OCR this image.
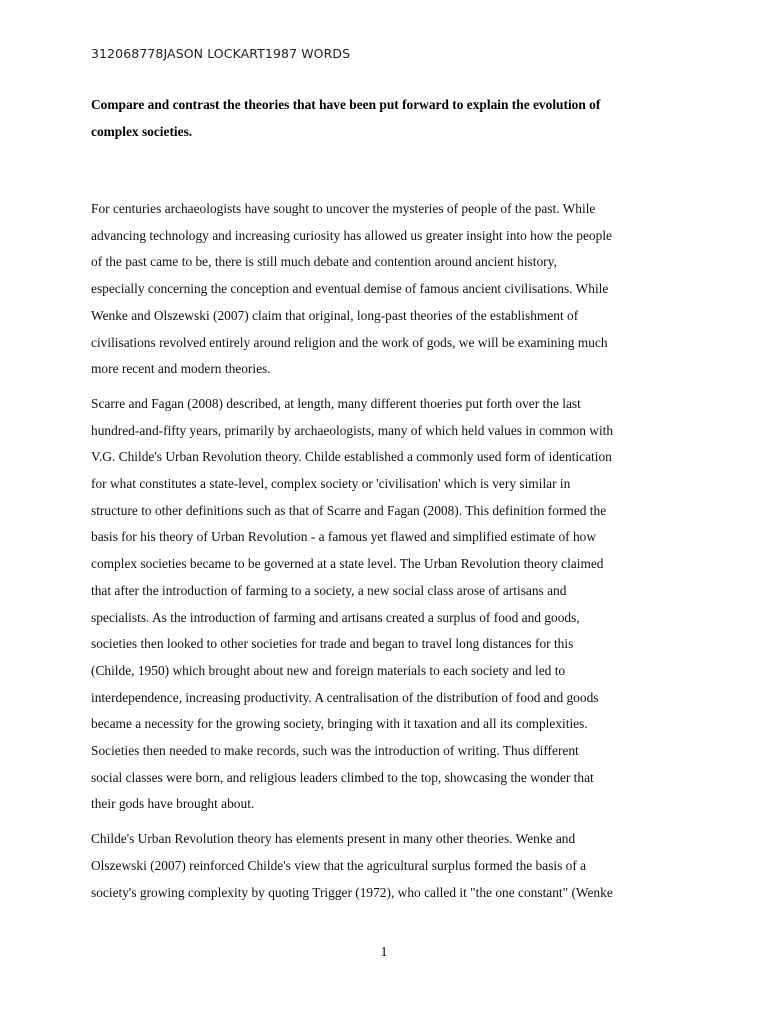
312068778JASON LOCKART1987 WORDS
Compare and contrast the theories that have been put forward to explain the evolution of
complex societies.

For centuries archaeologists have sought to uncover the mysteries of people of the past. While
advancing technology and increasing curiosity has allowed us greater insight into how the people
of the past came to be, there is still much debate and contention around ancient history,
especially concerning the conception and eventual demise of famous ancient civilisations. While
Wenke and Olszewski (2007) claim that original, long-past theories of the establishment of
civilisations revolved entirely around religion and the work of gods, we will be examining much
more recent and modern theories.

Scarre and Fagan (2008) described, at length, many different thoeries put forth over the last
hundred-and-fifty years, primarily by archaeologists, many of which held values in common with
V.G. Childe's Urban Revolution theory. Childe established a commonly used form of identication
for what constitutes a state-level, complex society or 'civilisation' which is very similar in
structure to other definitions such as that of Scarre and Fagan (2008). This definition formed the
basis for his theory of Urban Revolution - a famous yet flawed and simplified estimate of how
complex societies became to be governed at a state level. The Urban Revolution theory claimed
that after the introduction of farming to a society, a new social class arose of artisans and
specialists. As the introduction of farming and artisans created a surplus of food and goods,
societies then looked to other societies for trade and began to travel long distances for this
(Childe, 1950) which brought about new and foreign materials to each society and led to
interdependence, increasing productivity. A centralisation of the distribution of food and goods
became a necessity for the growing society, bringing with it taxation and all its complexities.
Societies then needed to make records, such was the introduction of writing. Thus different
social classes were born, and religious leaders climbed to the top, showcasing the wonder that
their gods have brought about.

Childe's Urban Revolution theory has elements present in many other theories. Wenke and
Olszewski (2007) reinforced Childe's view that the agricultural surplus formed the basis of a
society's growing complexity by quoting Trigger (1972), who called it "the one constant" (Wenke

1
